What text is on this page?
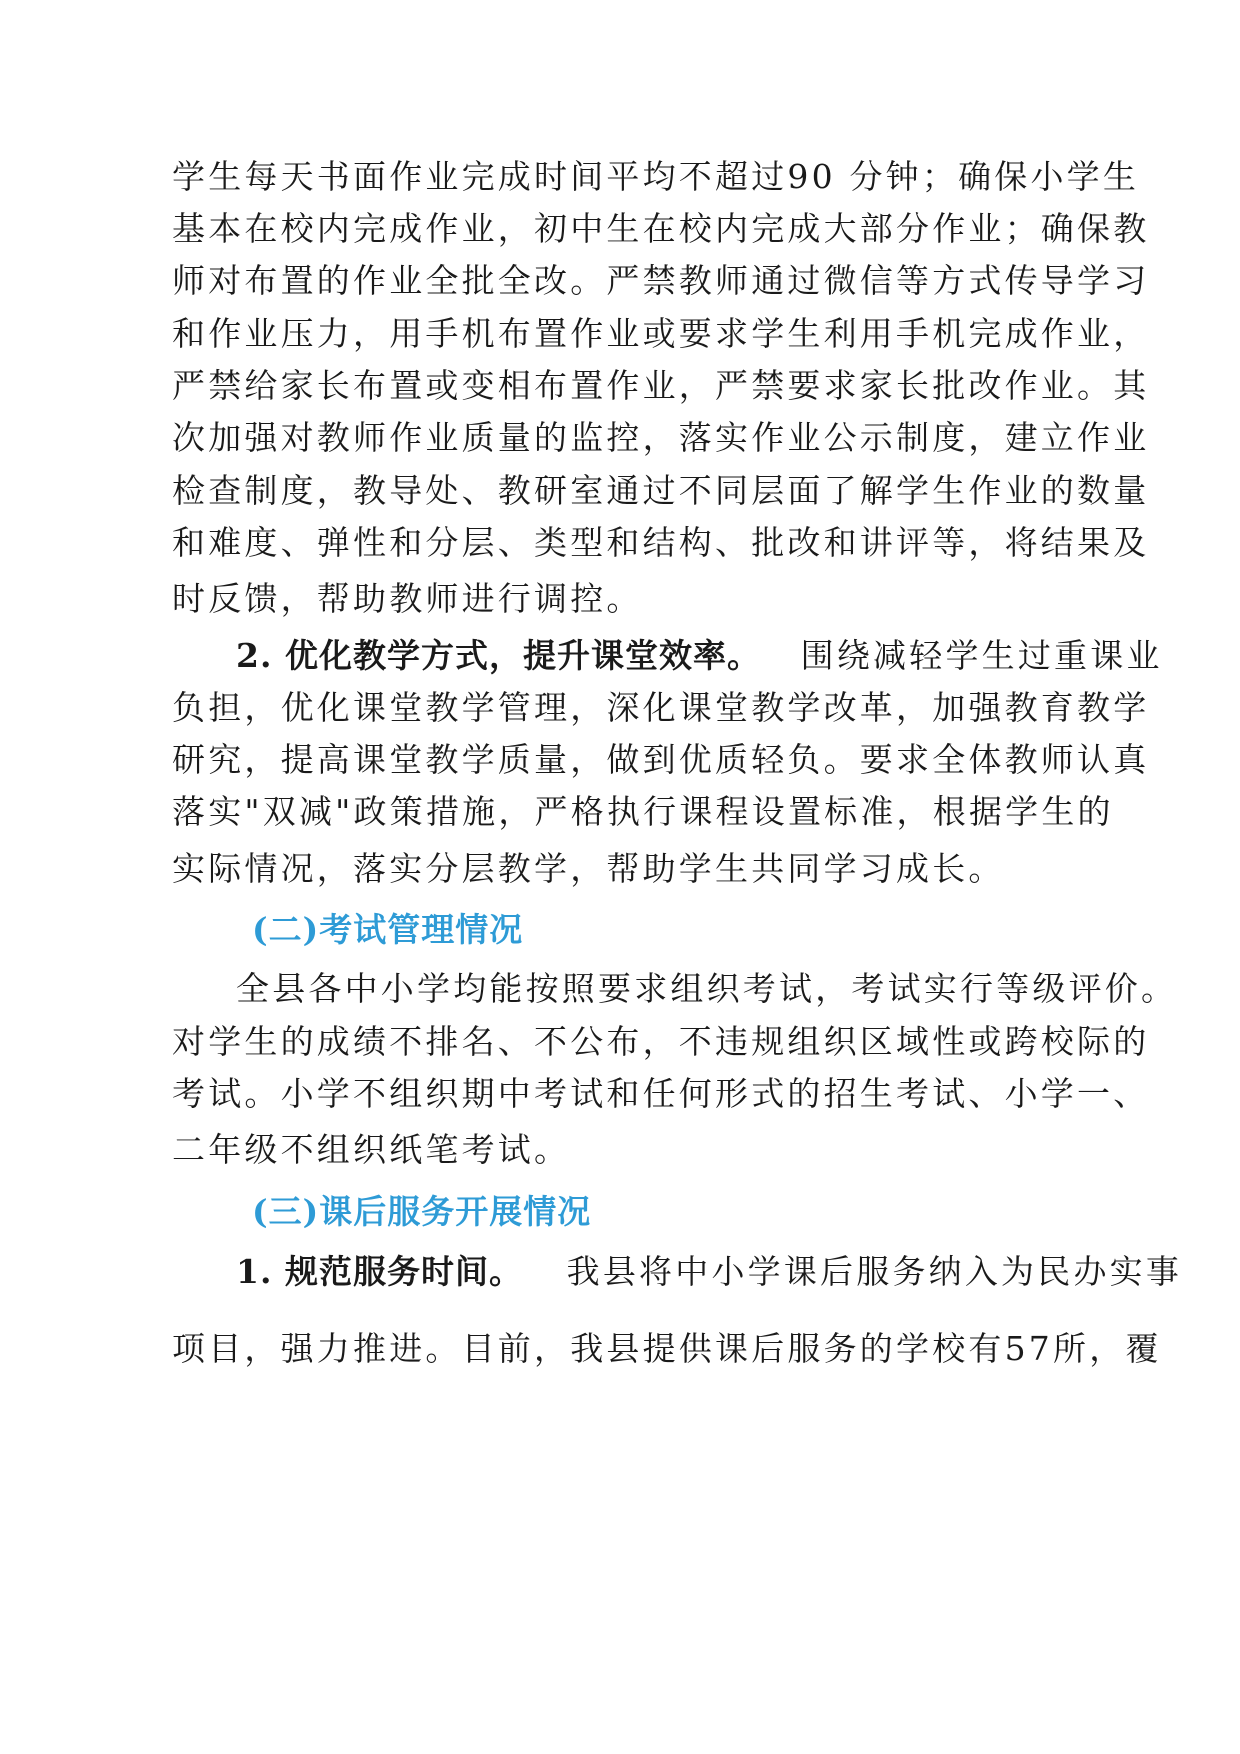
学生每天书面作业完成时间平均不超过90 分钟；确保小学生
基本在校内完成作业，初中生在校内完成大部分作业；确保教
师对布置的作业全批全改。严禁教师通过微信等方式传导学习
和作业压力，用手机布置作业或要求学生利用手机完成作业，
严禁给家长布置或变相布置作业，严禁要求家长批改作业。其
次加强对教师作业质量的监控，落实作业公示制度，建立作业
检查制度，教导处、教研室通过不同层面了解学生作业的数量
和难度、弹性和分层、类型和结构、批改和讲评等，将结果及
时反馈，帮助教师进行调控。
2. 优化教学方式，提升课堂效率。 围绕减轻学生过重课业
负担，优化课堂教学管理，深化课堂教学改革，加强教育教学
研究，提高课堂教学质量，做到优质轻负。要求全体教师认真
落实"双减"政策措施，严格执行课程设置标准，根据学生的
实际情况，落实分层教学，帮助学生共同学习成长。
(二)考试管理情况
全县各中小学均能按照要求组织考试，考试实行等级评价。
对学生的成绩不排名、不公布，不违规组织区域性或跨校际的
考试。小学不组织期中考试和任何形式的招生考试、小学一、
二年级不组织纸笔考试。
(三)课后服务开展情况
1. 规范服务时间。 我县将中小学课后服务纳入为民办实事
项目，强力推进。目前，我县提供课后服务的学校有57所，覆
